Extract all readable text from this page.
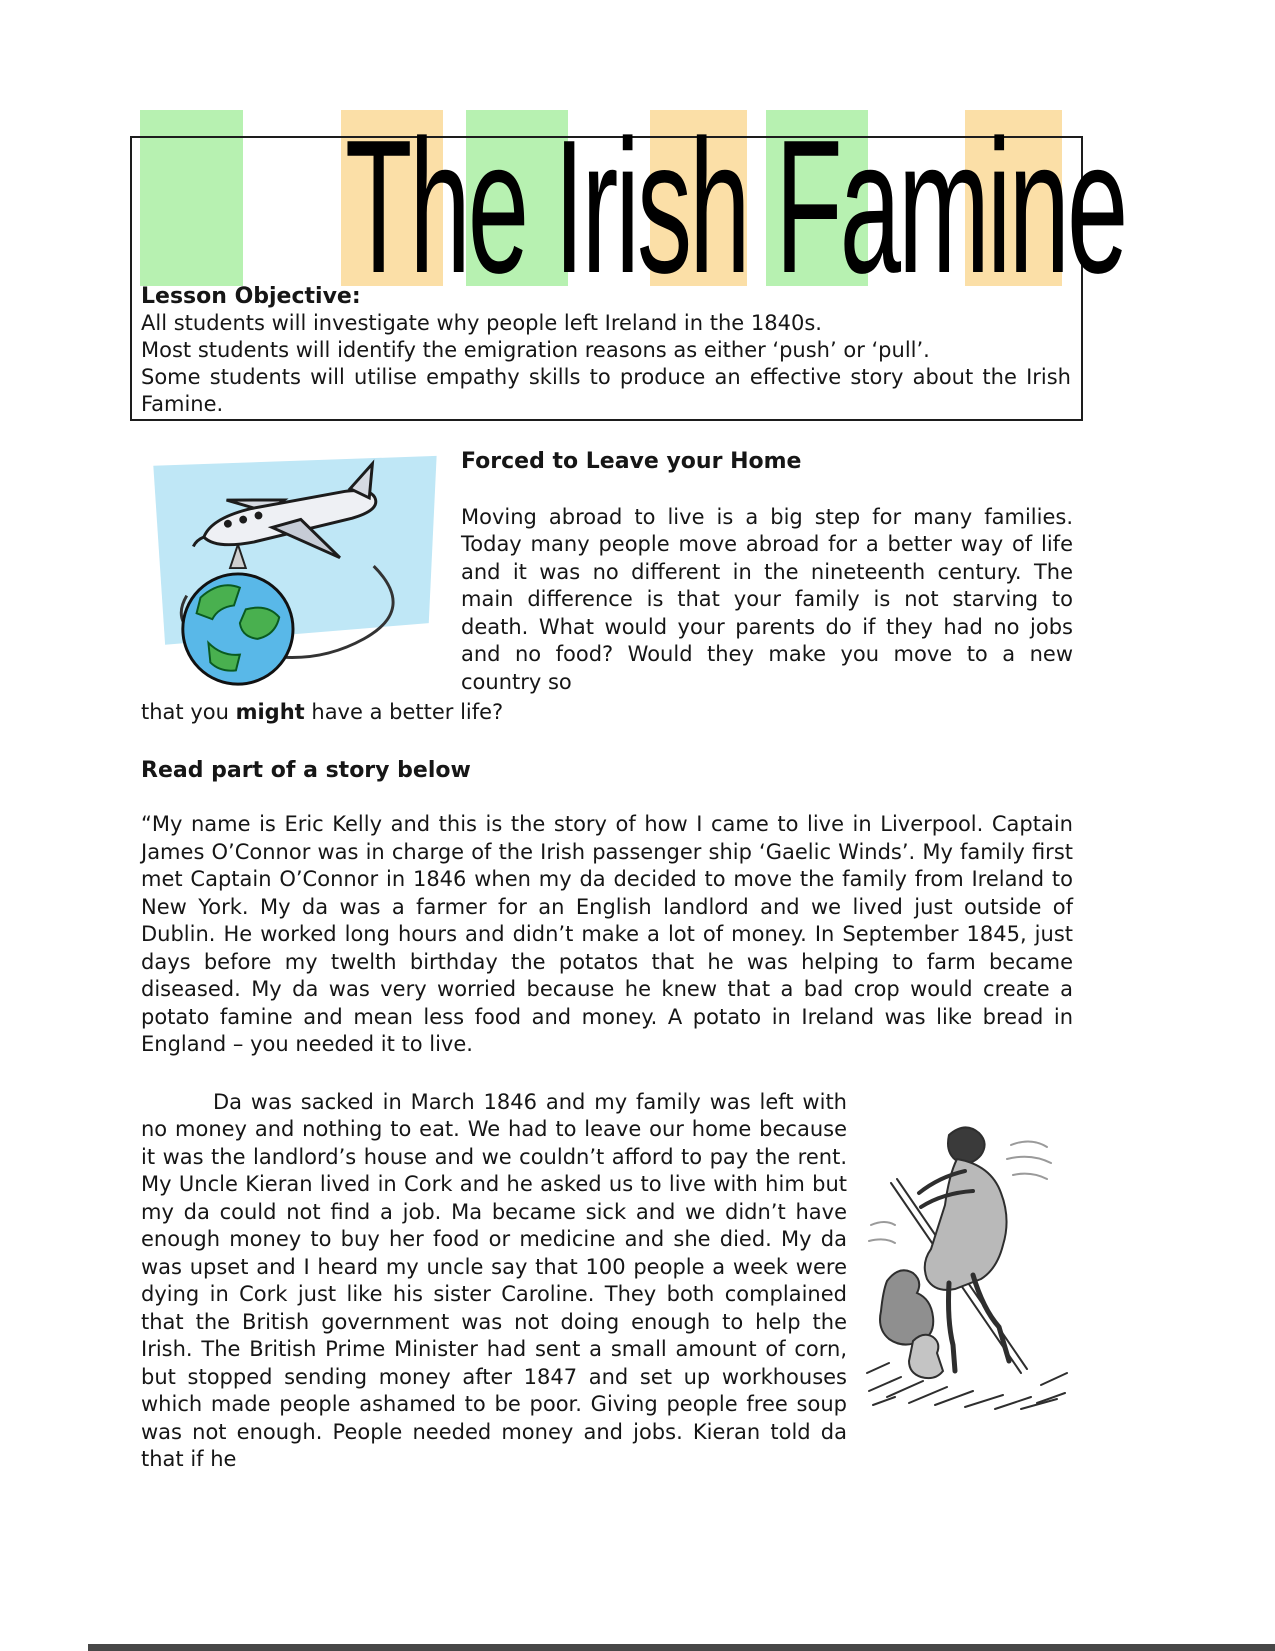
The Irish Famine
Lesson Objective:
All students will investigate why people left Ireland in the 1840s.
Most students will identify the emigration reasons as either ‘push’ or ‘pull’.
Some students will utilise empathy skills to produce an effective story about the Irish Famine.
Forced to Leave your Home

Moving abroad to live is a big step for many families. Today many people move abroad for a better way of life and it was no different in the nineteenth century. The main difference is that your family is not starving to death. What would your parents do if they had no jobs and no food? Would they make you move to a new country so

that you might have a better life?

Read part of a story below

“My name is Eric Kelly and this is the story of how I came to live in Liverpool. Captain James O’Connor was in charge of the Irish passenger ship ‘Gaelic Winds’. My family first met Captain O’Connor in 1846 when my da decided to move the family from Ireland to New York. My da was a farmer for an English landlord and we lived just outside of Dublin. He worked long hours and didn’t make a lot of money. In September 1845, just days before my twelth birthday the potatos that he was helping to farm became diseased. My da was very worried because he knew that a bad crop would create a potato famine and mean less food and money. A potato in Ireland was like bread in England – you needed it to live.

Da was sacked in March 1846 and my family was left with no money and nothing to eat. We had to leave our home because it was the landlord’s house and we couldn’t afford to pay the rent. My Uncle Kieran lived in Cork and he asked us to live with him but my da could not find a job. Ma became sick and we didn’t have enough money to buy her food or medicine and she died. My da was upset and I heard my uncle say that 100 people a week were dying in Cork just like his sister Caroline. They both complained that the British government was not doing enough to help the Irish. The British Prime Minister had sent a small amount of corn, but stopped sending money after 1847 and set up workhouses which made people ashamed to be poor. Giving people free soup was not enough. People needed money and jobs. Kieran told da that if he
